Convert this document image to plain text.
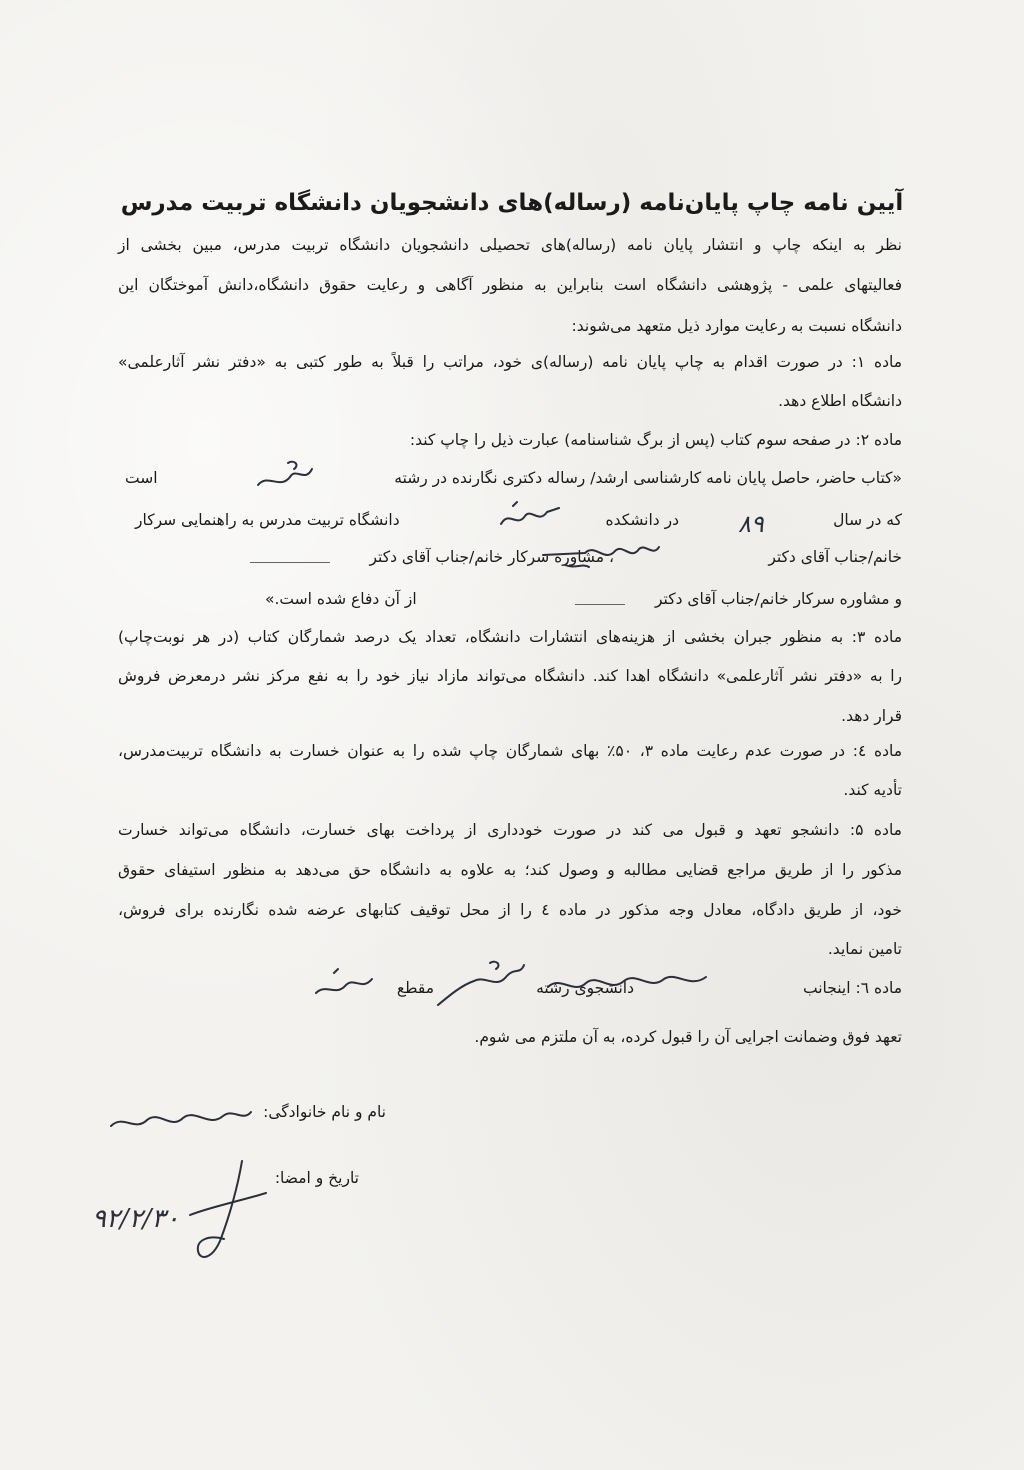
آیین نامه چاپ پایان‌نامه (رساله)های دانشجویان دانشگاه تربیت مدرس
نظر به اینکه چاپ و انتشار پایان نامه (رساله)های تحصیلی دانشجویان دانشگاه تربیت مدرس، مبین بخشی از
فعالیتهای علمی - پژوهشی دانشگاه است بنابراین به منظور آگاهی و رعایت حقوق دانشگاه،دانش آموختگان این
دانشگاه نسبت به رعایت موارد ذیل متعهد می‌شوند:
ماده ۱: در صورت اقدام به چاپ پایان نامه (رساله)ی خود، مراتب را قبلاً به طور کتبی به «دفتر نشر آثارعلمی»
دانشگاه اطلاع دهد.
ماده ۲: در صفحه سوم کتاب (پس از برگ شناسنامه) عبارت ذیل را چاپ کند:
«کتاب حاضر، حاصل پایان نامه کارشناسی ارشد/ رساله دکتری نگارنده در رشته
است
که در سال
در دانشکده
دانشگاه تربیت مدرس به راهنمایی سرکار
خانم/جناب آقای دکتر
، مشاوره سرکار خانم/جناب آقای دکتر
و مشاوره سرکار خانم/جناب آقای دکتر
از آن دفاع شده است.»
ماده ۳: به منظور جبران بخشی از هزینه‌های انتشارات دانشگاه، تعداد یک درصد شمارگان کتاب (در هر نوبت‌چاپ)
را به «دفتر نشر آثارعلمی» دانشگاه اهدا کند. دانشگاه می‌تواند مازاد نیاز خود را به نفع مرکز نشر درمعرض فروش
قرار دهد.
ماده ٤: در صورت عدم رعایت ماده ۳، ۵۰٪ بهای شمارگان چاپ شده را به عنوان خسارت به دانشگاه تربیت‌مدرس،
تأدیه کند.
ماده ۵: دانشجو تعهد و قبول می کند در صورت خودداری از پرداخت بهای خسارت، دانشگاه می‌تواند خسارت
مذکور را از طریق مراجع قضایی مطالبه و وصول کند؛ به علاوه به دانشگاه حق می‌دهد به منظور استیفای حقوق
خود، از طریق دادگاه، معادل وجه مذکور در ماده ٤ را از محل توقیف کتابهای عرضه شده نگارنده برای فروش،
تامین نماید.
ماده ٦: اینجانب
دانشجوی رشته
مقطع
تعهد فوق وضمانت اجرایی آن را قبول کرده، به آن ملتزم می شوم.
نام و نام خانوادگی:
تاریخ و امضا:
۸۹
۹۲/۲/۳۰
